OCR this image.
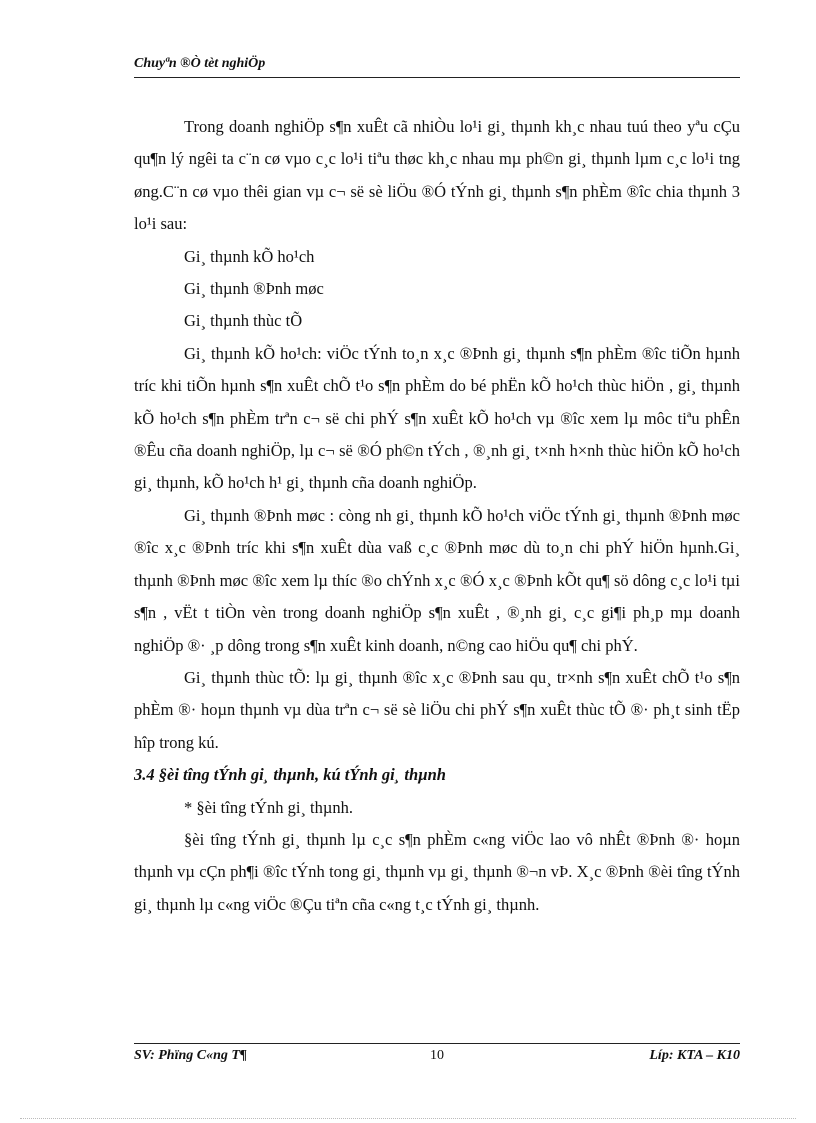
Chuyªn ®Ò tèt nghiÖp

Trong doanh nghiÖp s¶n xuÊt cã nhiÒu lo¹i gi¸ thµnh kh¸c nhau tuú theo yªu cÇu qu¶n lý ngêi ta c¨n cø vµo c¸c lo¹i tiªu thøc kh¸c nhau mµ ph©n gi¸ thµnh lµm c¸c lo¹i tng øng.C¨n cø vµo thêi gian vµ c¬ së sè liÖu ®Ó tÝnh gi¸ thµnh s¶n phÈm ®îc chia thµnh 3 lo¹i sau:

Gi¸ thµnh kÕ ho¹ch

Gi¸ thµnh ®Þnh møc

Gi¸ thµnh thùc tÕ

Gi¸ thµnh kÕ ho¹ch: viÖc tÝnh to¸n x¸c ®Þnh gi¸ thµnh s¶n phÈm ®îc tiÕn hµnh tríc khi tiÕn hµnh s¶n xuÊt chÕ t¹o s¶n phÈm do bé phËn kÕ ho¹ch thùc hiÖn , gi¸ thµnh kÕ ho¹ch s¶n phÈm trªn c¬ së chi phÝ s¶n xuÊt kÕ ho¹ch vµ ®îc xem lµ môc tiªu phÊn ®Êu cña doanh nghiÖp, lµ c¬ së ®Ó ph©n tÝch , ®¸nh gi¸ t×nh h×nh thùc hiÖn kÕ ho¹ch gi¸ thµnh, kÕ ho¹ch h¹ gi¸ thµnh cña doanh nghiÖp.

Gi¸ thµnh ®Þnh møc : còng nh gi¸ thµnh kÕ ho¹ch viÖc tÝnh gi¸ thµnh ®Þnh møc ®îc x¸c ®Þnh tríc khi s¶n xuÊt dùa vaß c¸c ®Þnh møc dù to¸n chi phÝ hiÖn hµnh.Gi¸ thµnh ®Þnh møc ®îc xem lµ thíc ®o chÝnh x¸c ®Ó x¸c ®Þnh kÕt qu¶ sö dông c¸c lo¹i tµi s¶n , vËt t tiÒn vèn trong doanh nghiÖp s¶n xuÊt , ®¸nh gi¸ c¸c gi¶i ph¸p mµ doanh nghiÖp ®· ¸p dông trong s¶n xuÊt kinh doanh, n©ng cao hiÖu qu¶ chi phÝ.

Gi¸ thµnh thùc tÕ: lµ gi¸ thµnh ®îc x¸c ®Þnh sau qu¸ tr×nh s¶n xuÊt chÕ t¹o s¶n phÈm ®· hoµn thµnh vµ dùa trªn c¬ së sè liÖu chi phÝ s¶n xuÊt thùc tÕ ®· ph¸t sinh tËp hîp trong kú.

3.4 §èi tîng tÝnh gi¸ thµnh, kú tÝnh gi¸ thµnh

* §èi tîng tÝnh gi¸ thµnh.

§èi tîng tÝnh gi¸ thµnh lµ c¸c s¶n phÈm c«ng viÖc lao vô nhÊt ®Þnh ®· hoµn thµnh vµ cÇn ph¶i ®îc tÝnh tong gi¸ thµnh vµ gi¸ thµnh ®¬n vÞ. X¸c ®Þnh ®èi tîng tÝnh gi¸ thµnh lµ c«ng viÖc ®Çu tiªn cña c«ng t¸c tÝnh gi¸ thµnh.

SV: Phïng C«ng T¶	10	Líp: KTA – K10
